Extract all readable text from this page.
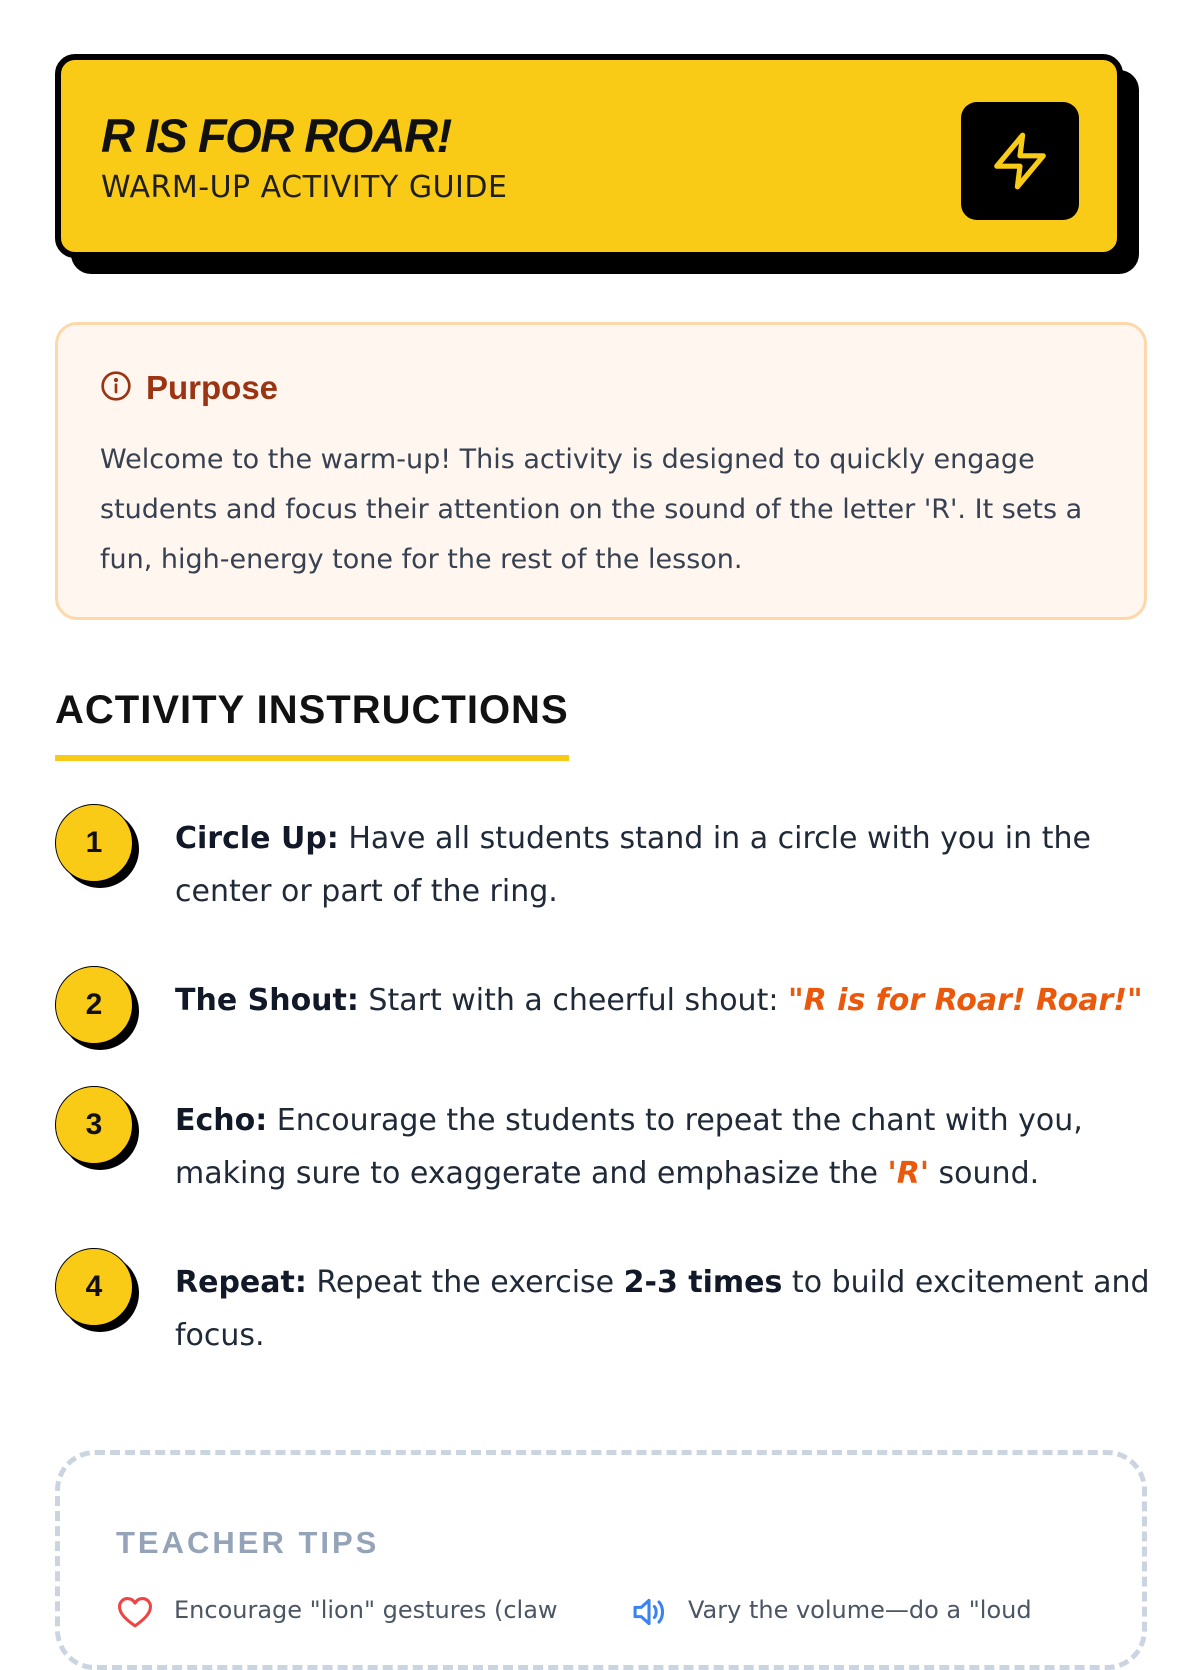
R IS FOR ROAR!
WARM-UP ACTIVITY GUIDE
Purpose

Welcome to the warm-up! This activity is designed to quickly engage students and focus their attention on the sound of the letter 'R'. It sets a fun, high-energy tone for the rest of the lesson.

ACTIVITY INSTRUCTIONS
1	Circle Up: Have all students stand in a circle with you in the center or part of the ring.

2	The Shout: Start with a cheerful shout: "R is for Roar! Roar!"

3	Echo: Encourage the students to repeat the chant with you, making sure to exaggerate and emphasize the 'R' sound.

4	Repeat: Repeat the exercise 2-3 times to build excitement and focus.

TEACHER TIPS
Encourage "lion" gestures (claw	Vary the volume—do a "loud
